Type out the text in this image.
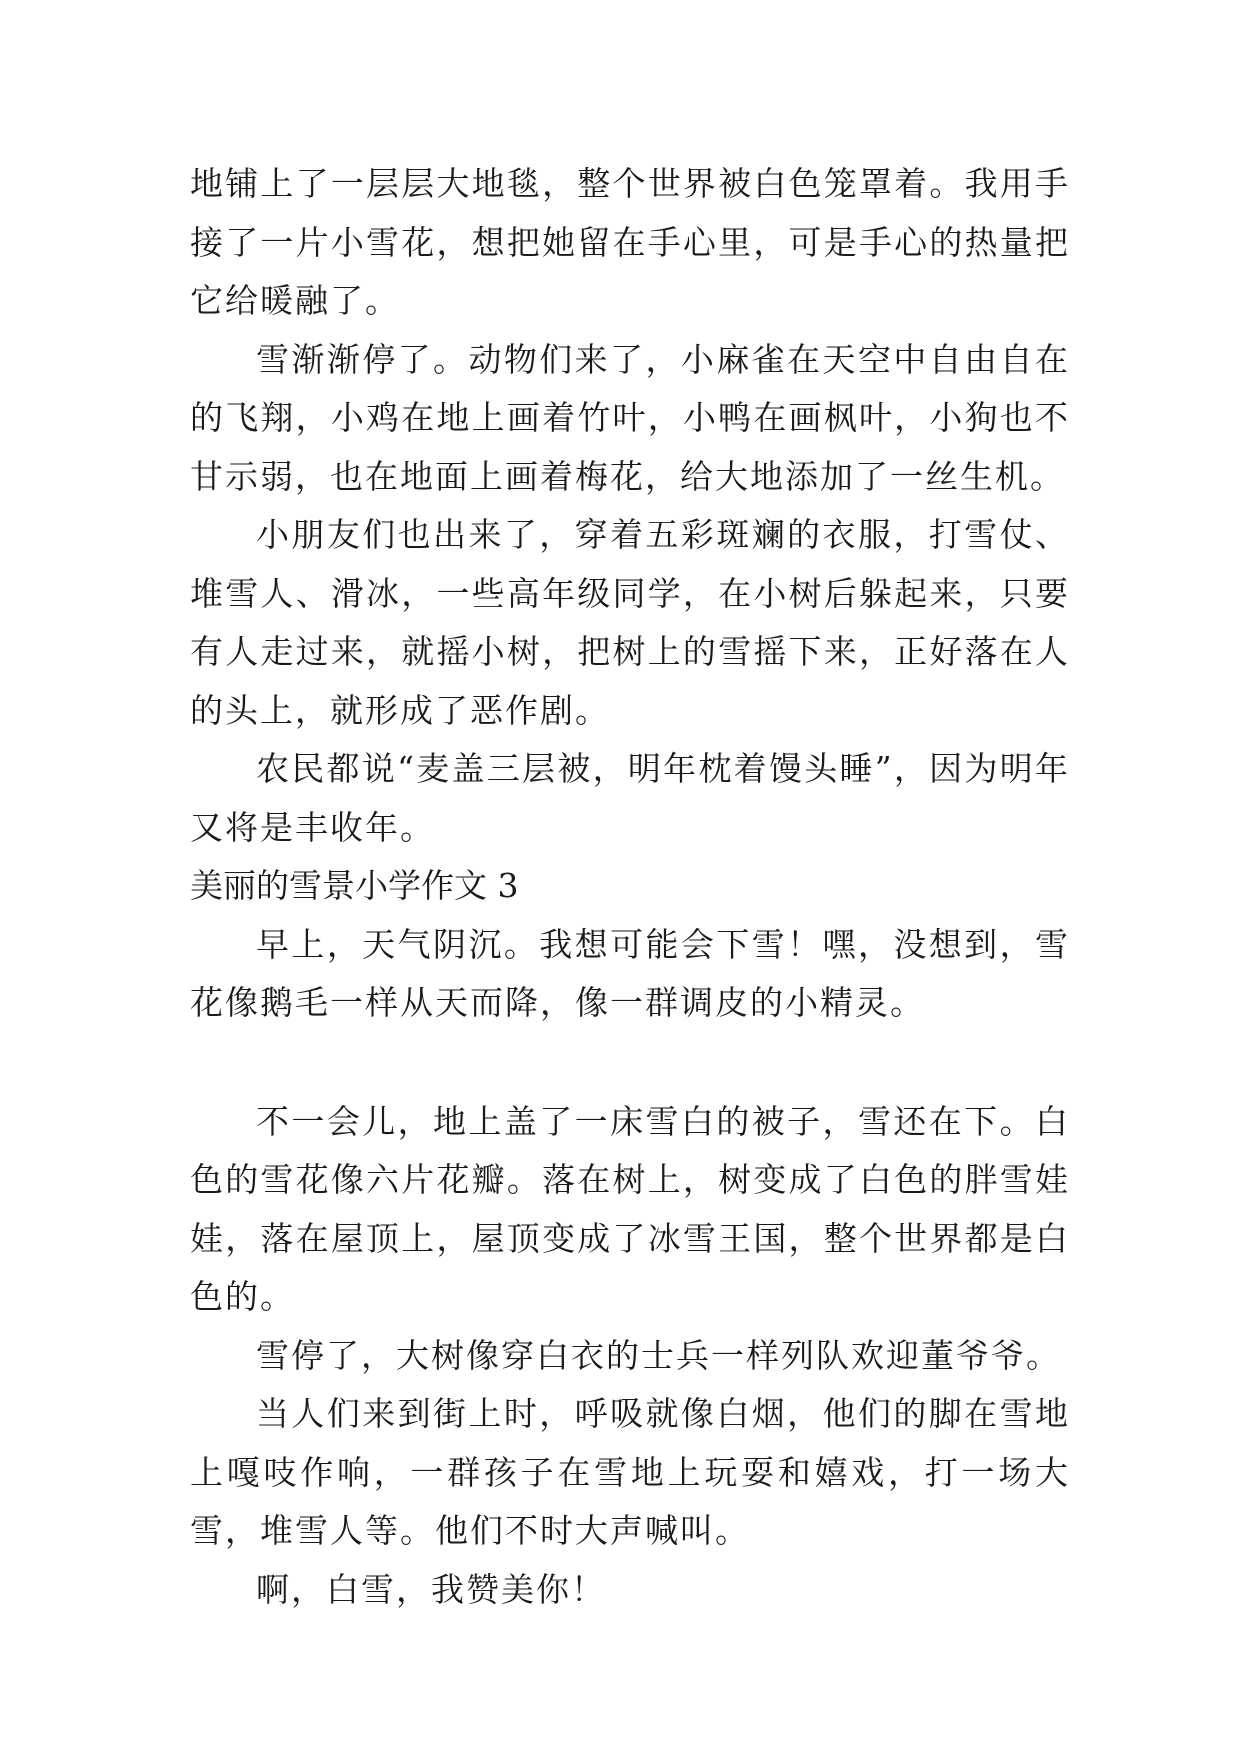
地铺上了一层层大地毯，整个世界被白色笼罩着。我用手接了一片小雪花，想把她留在手心里，可是手心的热量把它给暖融了。

雪渐渐停了。动物们来了，小麻雀在天空中自由自在的飞翔，小鸡在地上画着竹叶，小鸭在画枫叶，小狗也不甘示弱，也在地面上画着梅花，给大地添加了一丝生机。

小朋友们也出来了，穿着五彩斑斓的衣服，打雪仗、堆雪人、滑冰，一些高年级同学，在小树后躲起来，只要有人走过来，就摇小树，把树上的雪摇下来，正好落在人的头上，就形成了恶作剧。

农民都说“麦盖三层被，明年枕着馒头睡”，因为明年又将是丰收年。

美丽的雪景小学作文 3

早上，天气阴沉。我想可能会下雪！嘿，没想到，雪花像鹅毛一样从天而降，像一群调皮的小精灵。

不一会儿，地上盖了一床雪白的被子，雪还在下。白色的雪花像六片花瓣。落在树上，树变成了白色的胖雪娃娃，落在屋顶上，屋顶变成了冰雪王国，整个世界都是白色的。

雪停了，大树像穿白衣的士兵一样列队欢迎董爷爷。

当人们来到街上时，呼吸就像白烟，他们的脚在雪地上嘎吱作响，一群孩子在雪地上玩耍和嬉戏，打一场大雪，堆雪人等。他们不时大声喊叫。

啊，白雪，我赞美你！
